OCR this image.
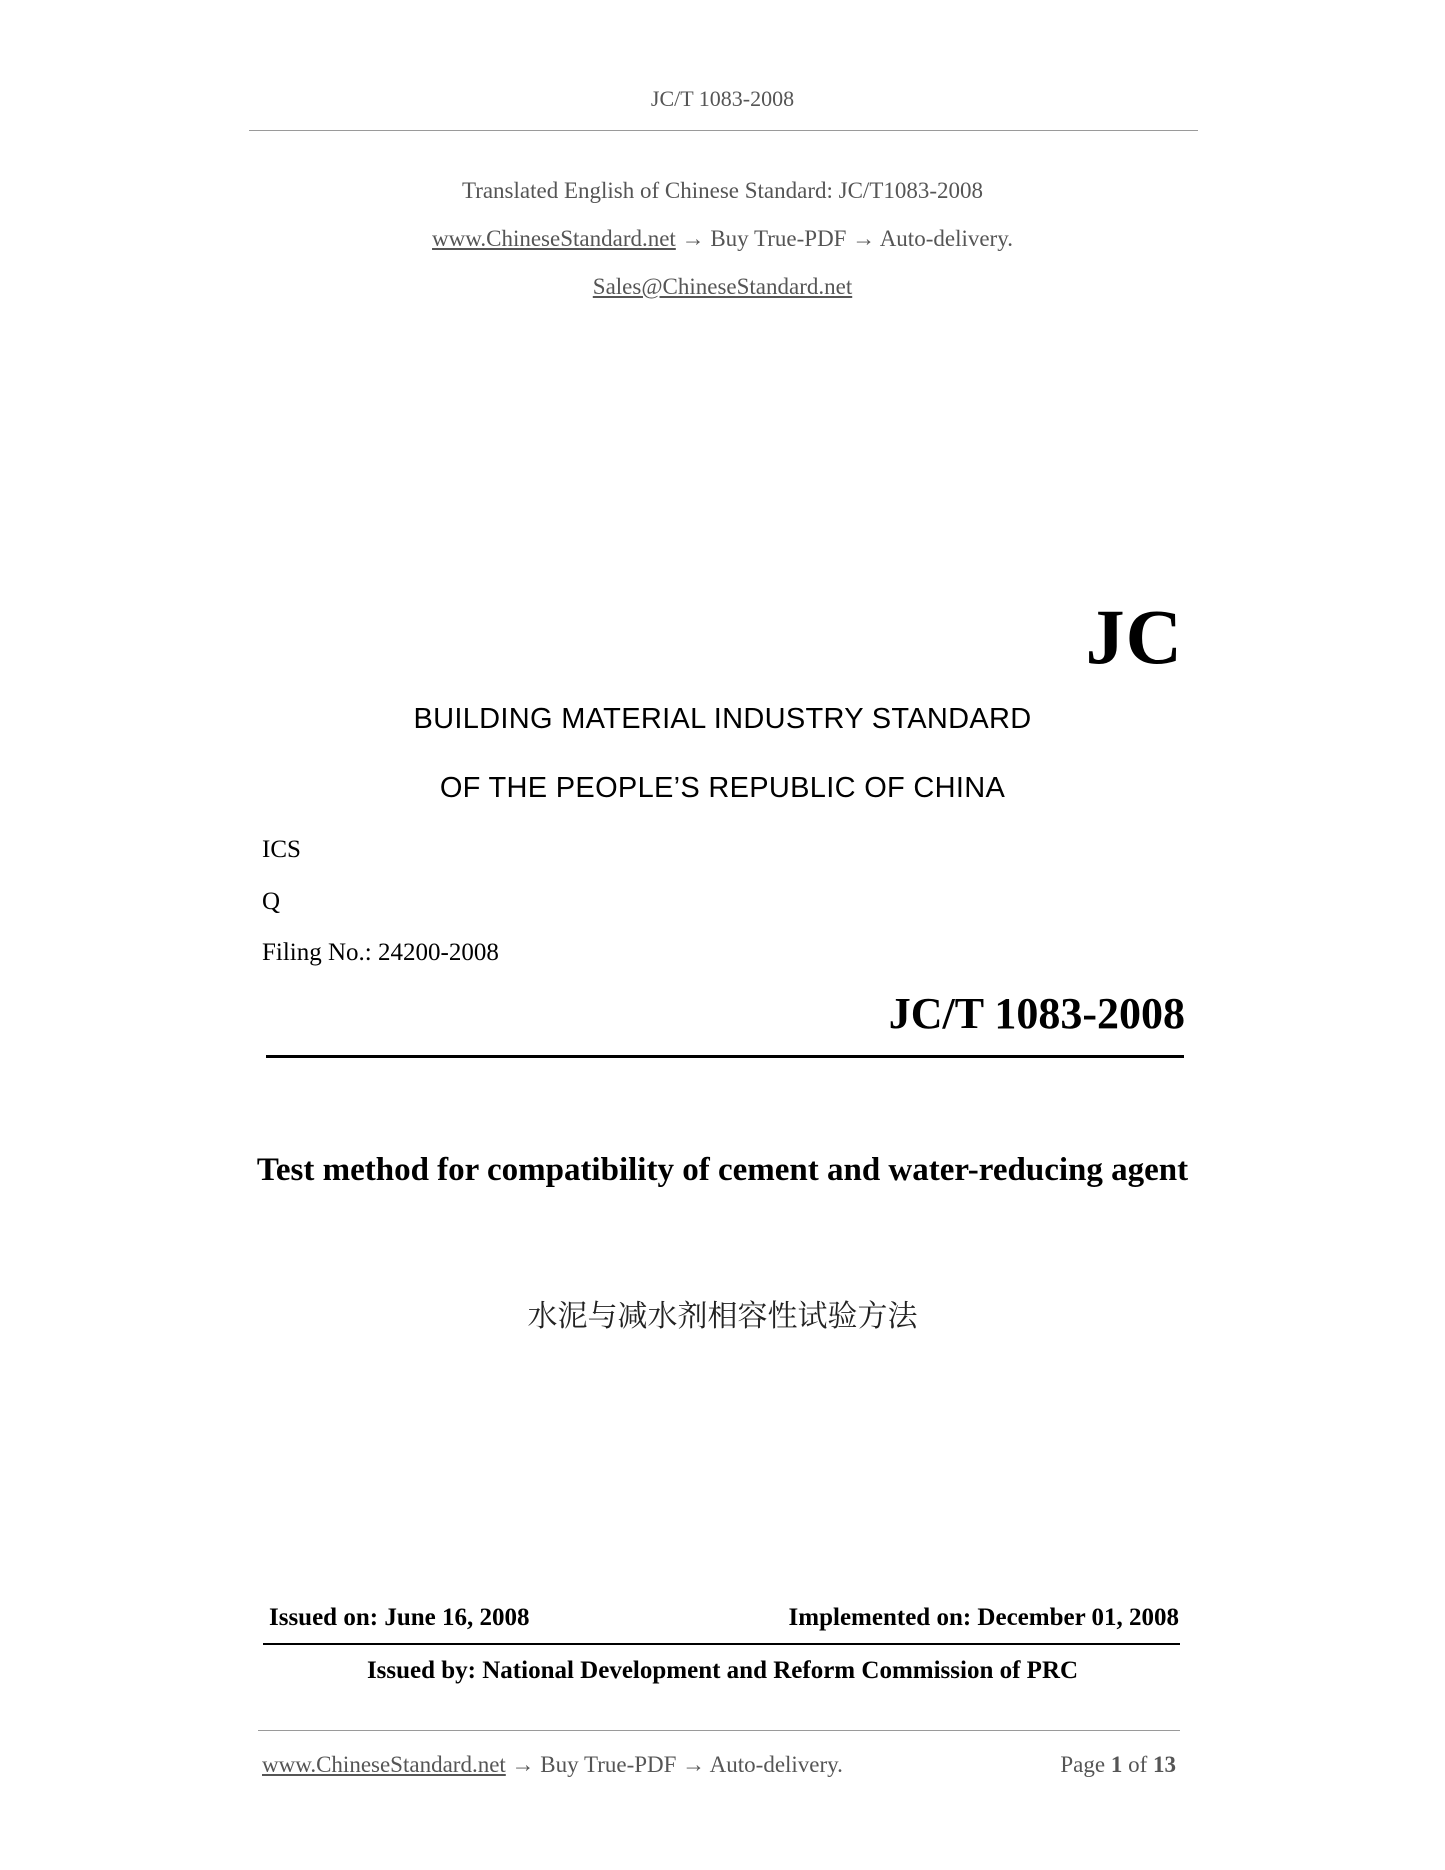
JC/T 1083-2008
Translated English of Chinese Standard: JC/T1083-2008
www.ChineseStandard.net → Buy True-PDF → Auto-delivery.
Sales@ChineseStandard.net
JC
BUILDING MATERIAL INDUSTRY STANDARD
OF THE PEOPLE’S REPUBLIC OF CHINA
ICS
Q
Filing No.: 24200-2008
JC/T 1083-2008
Test method for compatibility of cement and water-reducing agent
水泥与减水剂相容性试验方法
Issued on: June 16, 2008	Implemented on: December 01, 2008
Issued by: National Development and Reform Commission of PRC
www.ChineseStandard.net → Buy True-PDF → Auto-delivery.	Page 1 of 13
